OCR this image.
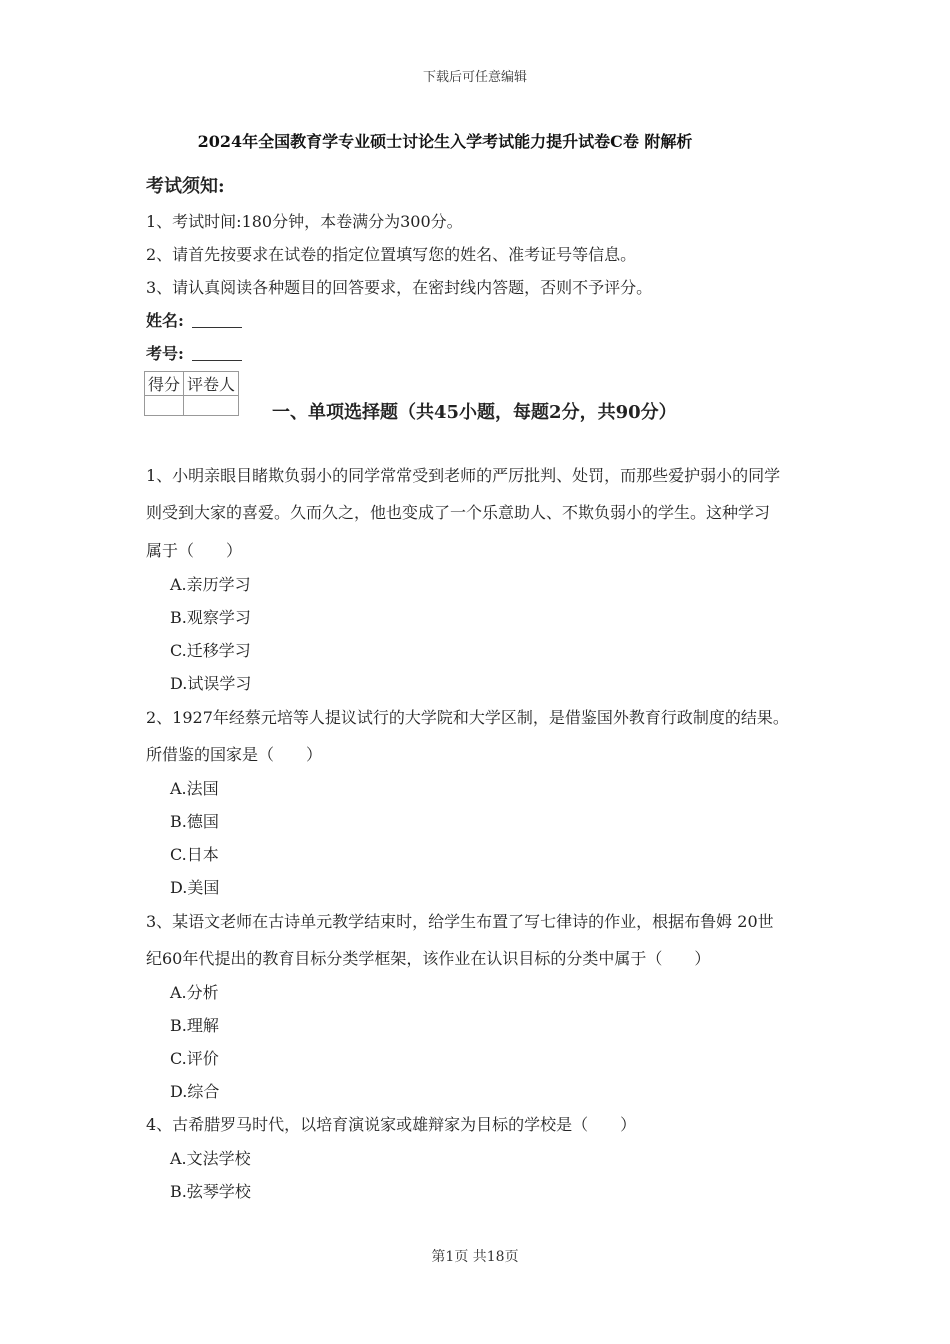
下载后可任意编辑
2024年全国教育学专业硕士讨论生入学考试能力提升试卷C卷 附解析
考试须知:
1、考试时间:180分钟，本卷满分为300分。
2、请首先按要求在试卷的指定位置填写您的姓名、准考证号等信息。
3、请认真阅读各种题目的回答要求，在密封线内答题，否则不予评分。
姓名:
考号:
得分	评卷人

一、单项选择题（共45小题，每题2分，共90分）
1、小明亲眼目睹欺负弱小的同学常常受到老师的严厉批判、处罚，而那些爱护弱小的同学
则受到大家的喜爱。久而久之，他也变成了一个乐意助人、不欺负弱小的学生。这种学习
属于（　　）
A.亲历学习
B.观察学习
C.迁移学习
D.试误学习
2、1927年经蔡元培等人提议试行的大学院和大学区制，是借鉴国外教育行政制度的结果。
所借鉴的国家是（　　）
A.法国
B.德国
C.日本
D.美国
3、某语文老师在古诗单元教学结束时，给学生布置了写七律诗的作业，根据布鲁姆 20世
纪60年代提出的教育目标分类学框架，该作业在认识目标的分类中属于（　　）
A.分析
B.理解
C.评价
D.综合
4、古希腊罗马时代，以培育演说家或雄辩家为目标的学校是（　　）
A.文法学校
B.弦琴学校
第1页 共18页
